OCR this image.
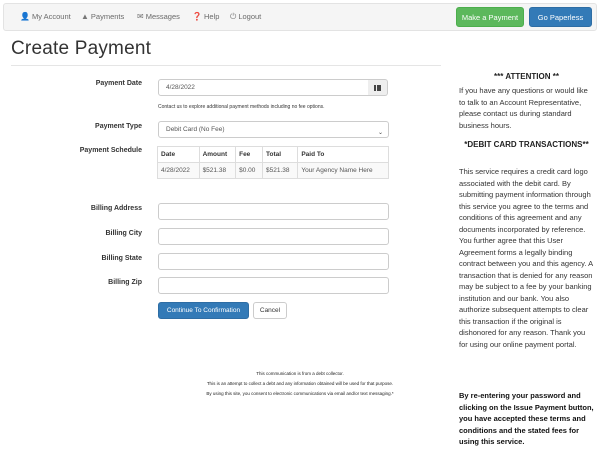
👤 My Account ▲ Payments ✉ Messages ❓ Help ⏻ Logout	Make a Payment	Go Paperless
Create Payment
Payment Date
4/28/2022
Contact us to explore additional payment methods including no fee options.
Payment Type	Debit Card (No Fee)	⌄
Payment Schedule
Date	Amount	Fee	Total	Paid To
4/28/2022	$521.38	$0.00	$521.38	Your Agency Name Here
Billing Address
Billing City
Billing State
Billing Zip
Continue To Confirmation	Cancel
This communication is from a debt collector.
This is an attempt to collect a debt and any information obtained will be used for that purpose.
By using this site, you consent to electronic communications via email and/or text messaging.*
*** ATTENTION **
If you have any questions or would like to talk to an Account Representative, please contact us during standard business hours.
*DEBIT CARD TRANSACTIONS**
This service requires a credit card logo associated with the debit card. By submitting payment information through this service you agree to the terms and conditions of this agreement and any documents incorporated by reference. You further agree that this User Agreement forms a legally binding contract between you and this agency. A transaction that is denied for any reason may be subject to a fee by your banking institution and our bank. You also authorize subsequent attempts to clear this transaction if the original is dishonored for any reason. Thank you for using our online payment portal.
By re-entering your password and clicking on the Issue Payment button, you have accepted these terms and conditions and the stated fees for using this service.
